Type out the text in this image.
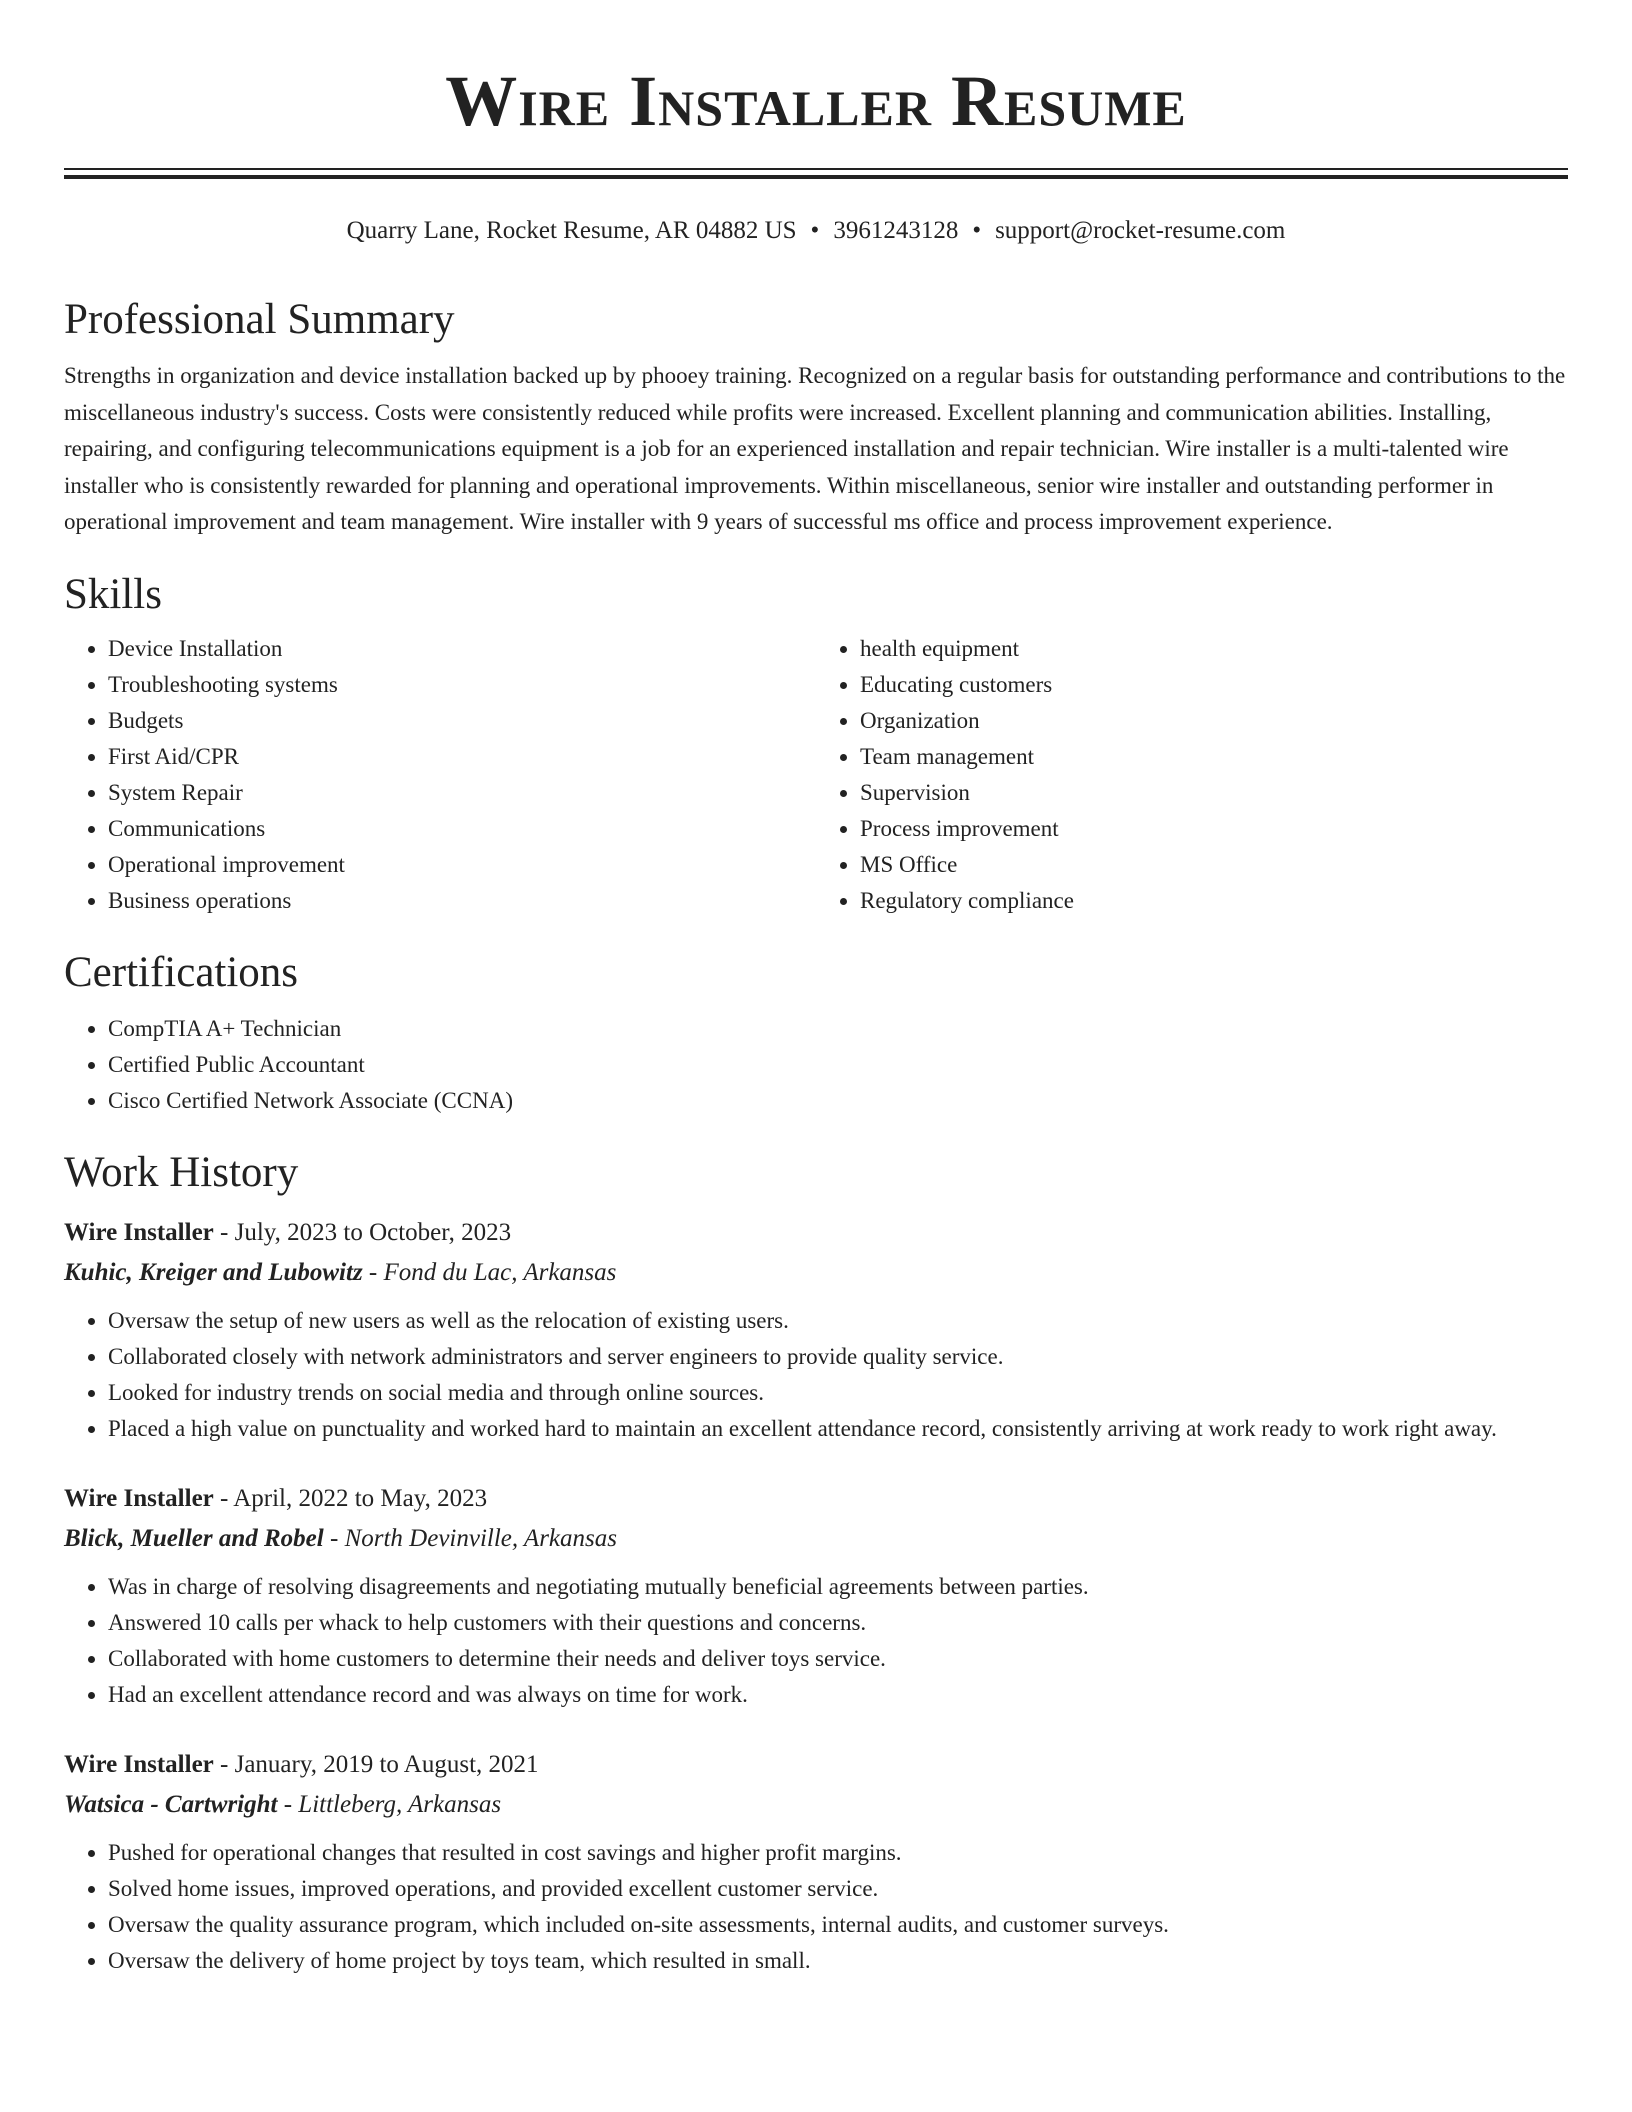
Wire Installer Resume
Quarry Lane, Rocket Resume, AR 04882 US • 3961243128 • support@rocket-resume.com
Professional Summary

Strengths in organization and device installation backed up by phooey training. Recognized on a regular basis for outstanding performance and contributions to the miscellaneous industry's success. Costs were consistently reduced while profits were increased. Excellent planning and communication abilities. Installing, repairing, and configuring telecommunications equipment is a job for an experienced installation and repair technician. Wire installer is a multi-talented wire installer who is consistently rewarded for planning and operational improvements. Within miscellaneous, senior wire installer and outstanding performer in operational improvement and team management. Wire installer with 9 years of successful ms office and process improvement experience.

Skills
• Device Installation
• Troubleshooting systems
• Budgets
• First Aid/CPR
• System Repair
• Communications
• Operational improvement
• Business operations
• health equipment
• Educating customers
• Organization
• Team management
• Supervision
• Process improvement
• MS Office
• Regulatory compliance
Certifications
• CompTIA A+ Technician
• Certified Public Accountant
• Cisco Certified Network Associate (CCNA)
Work History
Wire Installer - July, 2023 to October, 2023
Kuhic, Kreiger and Lubowitz - Fond du Lac, Arkansas
• Oversaw the setup of new users as well as the relocation of existing users.
• Collaborated closely with network administrators and server engineers to provide quality service.
• Looked for industry trends on social media and through online sources.
• Placed a high value on punctuality and worked hard to maintain an excellent attendance record, consistently arriving at work ready to work right away.
Wire Installer - April, 2022 to May, 2023
Blick, Mueller and Robel - North Devinville, Arkansas
• Was in charge of resolving disagreements and negotiating mutually beneficial agreements between parties.
• Answered 10 calls per whack to help customers with their questions and concerns.
• Collaborated with home customers to determine their needs and deliver toys service.
• Had an excellent attendance record and was always on time for work.
Wire Installer - January, 2019 to August, 2021
Watsica - Cartwright - Littleberg, Arkansas
• Pushed for operational changes that resulted in cost savings and higher profit margins.
• Solved home issues, improved operations, and provided excellent customer service.
• Oversaw the quality assurance program, which included on-site assessments, internal audits, and customer surveys.
• Oversaw the delivery of home project by toys team, which resulted in small.
